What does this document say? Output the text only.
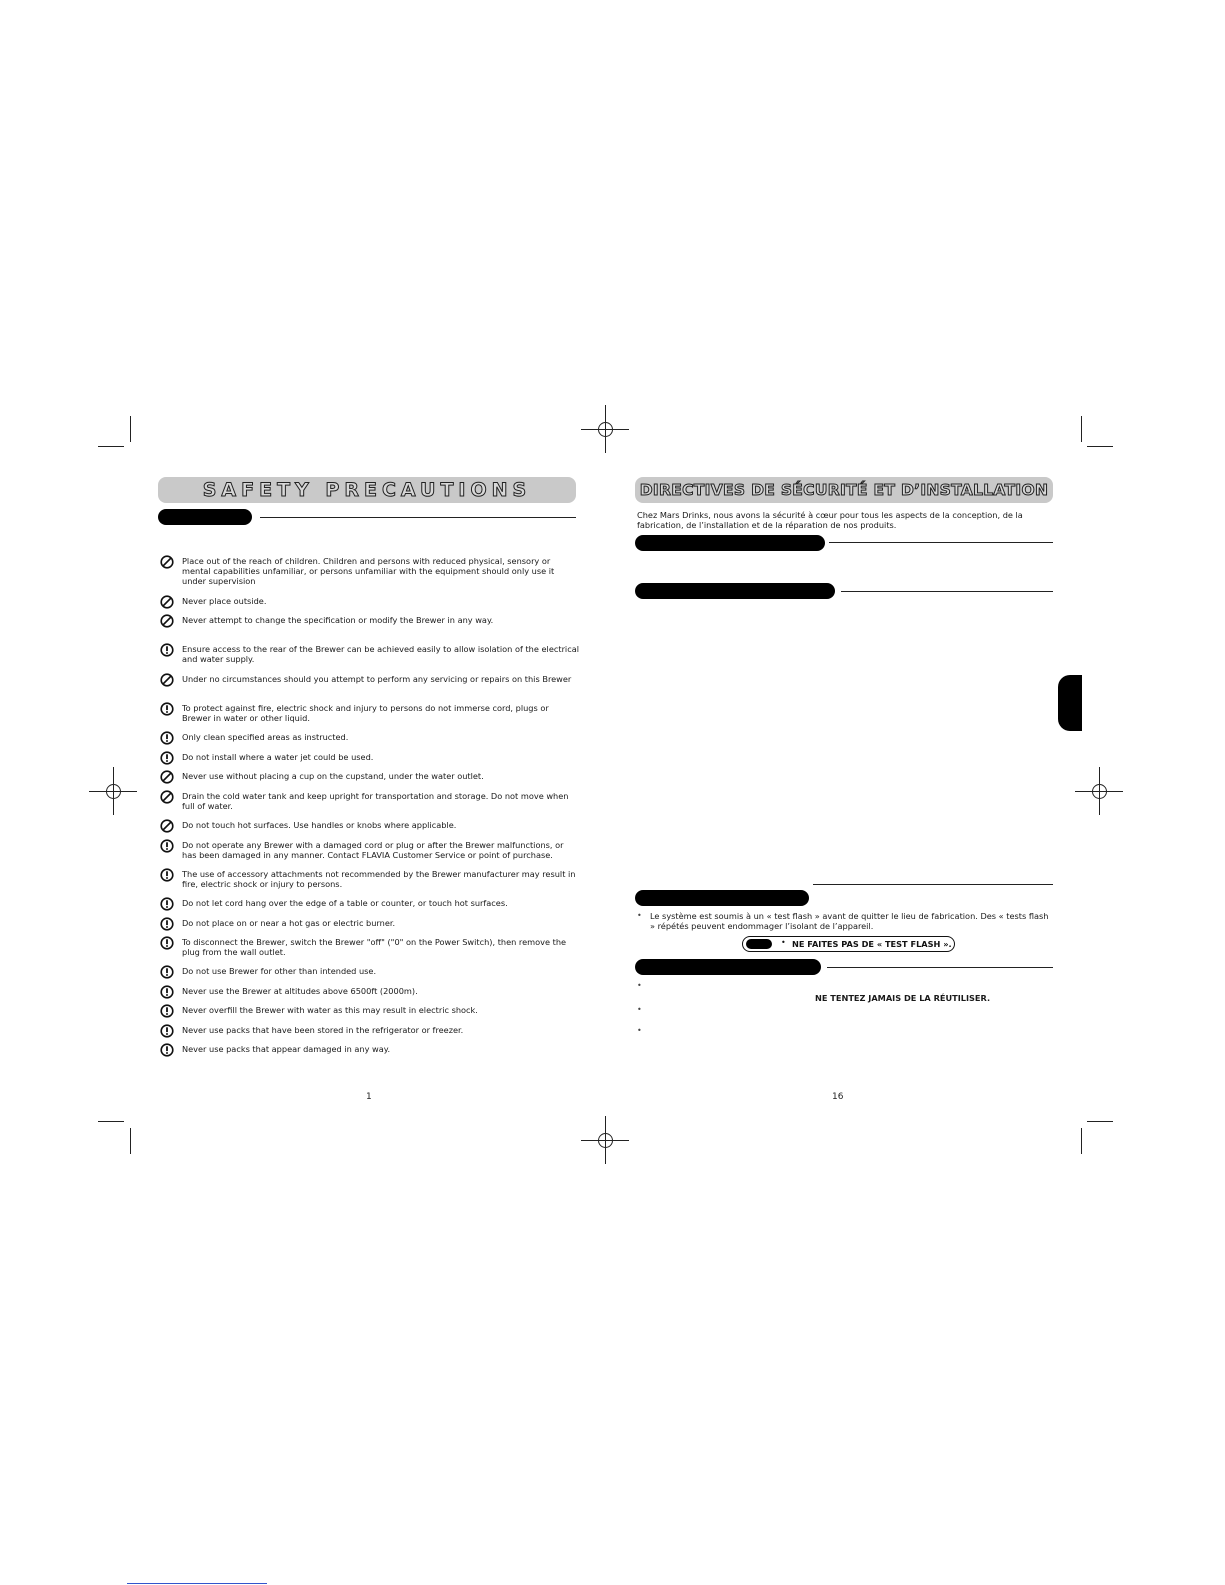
SAFETY PRECAUTIONS
Place out of the reach of children. Children and persons with reduced physical, sensory or mental capabilities unfamiliar, or persons unfamiliar with the equipment should only use it under supervision
Never place outside.
Never attempt to change the specification or modify the Brewer in any way.
Ensure access to the rear of the Brewer can be achieved easily to allow isolation of the electrical and water supply.
Under no circumstances should you attempt to perform any servicing or repairs on this Brewer
To protect against fire, electric shock and injury to persons do not immerse cord, plugs or Brewer in water or other liquid.
Only clean specified areas as instructed.
Do not install where a water jet could be used.
Never use without placing a cup on the cupstand, under the water outlet.
Drain the cold water tank and keep upright for transportation and storage. Do not move when full of water.
Do not touch hot surfaces. Use handles or knobs where applicable.
Do not operate any Brewer with a damaged cord or plug or after the Brewer malfunctions, or has been damaged in any manner. Contact FLAVIA Customer Service or point of purchase.
The use of accessory attachments not recommended by the Brewer manufacturer may result in fire, electric shock or injury to persons.
Do not let cord hang over the edge of a table or counter, or touch hot surfaces.
Do not place on or near a hot gas or electric burner.
To disconnect the Brewer, switch the Brewer "off" ("0" on the Power Switch), then remove the plug from the wall outlet.
Do not use Brewer for other than intended use.
Never use the Brewer at altitudes above 6500ft (2000m).
Never overfill the Brewer with water as this may result in electric shock.
Never use packs that have been stored in the refrigerator or freezer.
Never use packs that appear damaged in any way.
1
DIRECTIVES DE SÉCURITÉ ET D’INSTALLATION
Chez Mars Drinks, nous avons la sécurité à cœur pour tous les aspects de la conception, de la fabrication, de l’installation et de la réparation de nos produits.
• Le système est soumis à un « test flash » avant de quitter le lieu de fabrication. Des « tests flash » répétés peuvent endommager l’isolant de l’appareil.
• NE FAITES PAS DE « TEST FLASH ».
•
NE TENTEZ JAMAIS DE LA RÉUTILISER.
•
•
16
